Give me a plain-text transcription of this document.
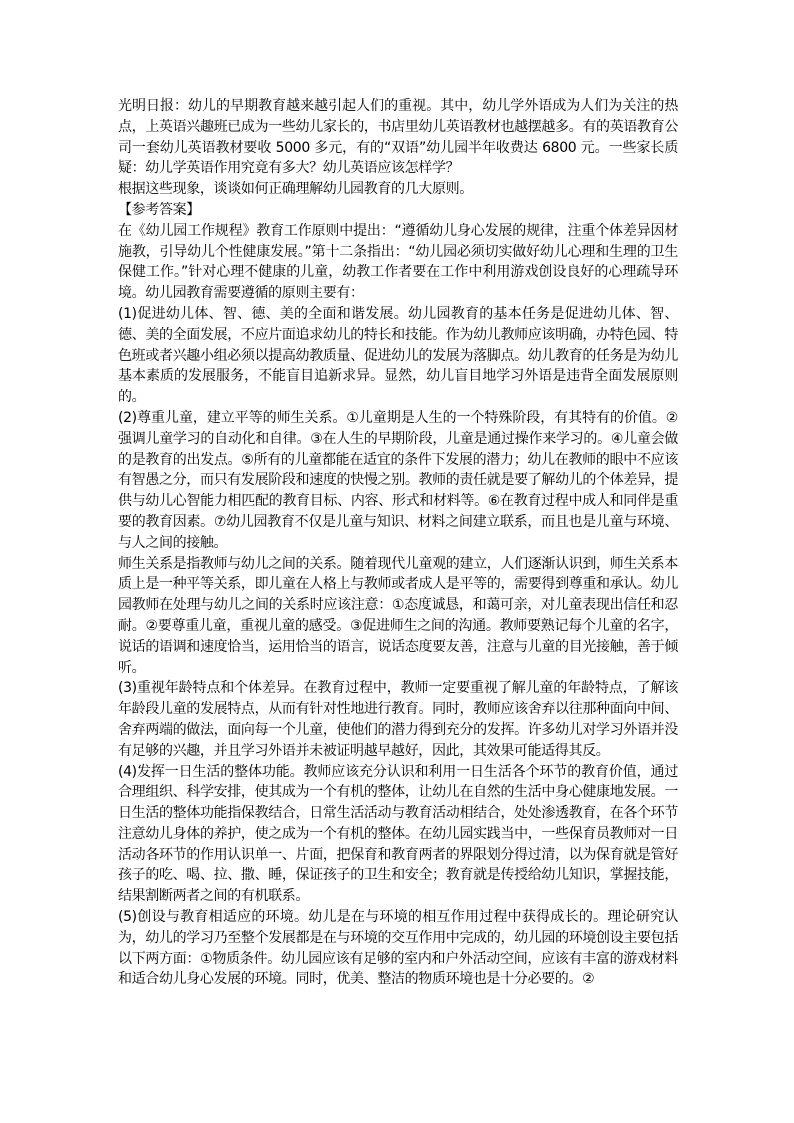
光明日报：幼儿的早期教育越来越引起人们的重视。其中，幼儿学外语成为人们为关注的热点，上英语兴趣班已成为一些幼儿家长的，书店里幼儿英语教材也越摆越多。有的英语教育公司一套幼儿英语教材要收 5000 多元，有的“双语”幼儿园半年收费达 6800 元。一些家长质疑：幼儿学英语作用究竟有多大？幼儿英语应该怎样学？

根据这些现象，谈谈如何正确理解幼儿园教育的几大原则。

【参考答案】

在《幼儿园工作规程》教育工作原则中提出：“遵循幼儿身心发展的规律，注重个体差异因材施教，引导幼儿个性健康发展。”第十二条指出：“幼儿园必须切实做好幼儿心理和生理的卫生保健工作。”针对心理不健康的儿童，幼教工作者要在工作中利用游戏创设良好的心理疏导环境。幼儿园教育需要遵循的原则主要有：

(1)促进幼儿体、智、德、美的全面和谐发展。幼儿园教育的基本任务是促进幼儿体、智、德、美的全面发展，不应片面追求幼儿的特长和技能。作为幼儿教师应该明确，办特色园、特色班或者兴趣小组必须以提高幼教质量、促进幼儿的发展为落脚点。幼儿教育的任务是为幼儿基本素质的发展服务，不能盲目追新求异。显然，幼儿盲目地学习外语是违背全面发展原则的。

(2)尊重儿童，建立平等的师生关系。①儿童期是人生的一个特殊阶段，有其特有的价值。②强调儿童学习的自动化和自律。③在人生的早期阶段，儿童是通过操作来学习的。④儿童会做的是教育的出发点。⑤所有的儿童都能在适宜的条件下发展的潜力；幼儿在教师的眼中不应该有智愚之分，而只有发展阶段和速度的快慢之别。教师的责任就是要了解幼儿的个体差异，提供与幼儿心智能力相匹配的教育目标、内容、形式和材料等。⑥在教育过程中成人和同伴是重要的教育因素。⑦幼儿园教育不仅是儿童与知识、材料之间建立联系，而且也是儿童与环境、与人之间的接触。

师生关系是指教师与幼儿之间的关系。随着现代儿童观的建立，人们逐渐认识到，师生关系本质上是一种平等关系，即儿童在人格上与教师或者成人是平等的，需要得到尊重和承认。幼儿园教师在处理与幼儿之间的关系时应该注意：①态度诚恳，和蔼可亲，对儿童表现出信任和忍耐。②要尊重儿童，重视儿童的感受。③促进师生之间的沟通。教师要熟记每个儿童的名字，说话的语调和速度恰当，运用恰当的语言，说话态度要友善，注意与儿童的目光接触，善于倾听。

(3)重视年龄特点和个体差异。在教育过程中，教师一定要重视了解儿童的年龄特点，了解该年龄段儿童的发展特点，从而有针对性地进行教育。同时，教师应该舍弃以往那种面向中间、舍弃两端的做法，面向每一个儿童，使他们的潜力得到充分的发挥。许多幼儿对学习外语并没有足够的兴趣，并且学习外语并未被证明越早越好，因此，其效果可能适得其反。

(4)发挥一日生活的整体功能。教师应该充分认识和利用一日生活各个环节的教育价值，通过合理组织、科学安排，使其成为一个有机的整体，让幼儿在自然的生活中身心健康地发展。一日生活的整体功能指保教结合，日常生活活动与教育活动相结合，处处渗透教育，在各个环节注意幼儿身体的养护，使之成为一个有机的整体。在幼儿园实践当中，一些保育员教师对一日活动各环节的作用认识单一、片面，把保育和教育两者的界限划分得过清，以为保育就是管好孩子的吃、喝、拉、撒、睡，保证孩子的卫生和安全；教育就是传授给幼儿知识，掌握技能，结果割断两者之间的有机联系。

(5)创设与教育相适应的环境。幼儿是在与环境的相互作用过程中获得成长的。理论研究认为，幼儿的学习乃至整个发展都是在与环境的交互作用中完成的，幼儿园的环境创设主要包括以下两方面：①物质条件。幼儿园应该有足够的室内和户外活动空间，应该有丰富的游戏材料和适合幼儿身心发展的环境。同时，优美、整洁的物质环境也是十分必要的。②
